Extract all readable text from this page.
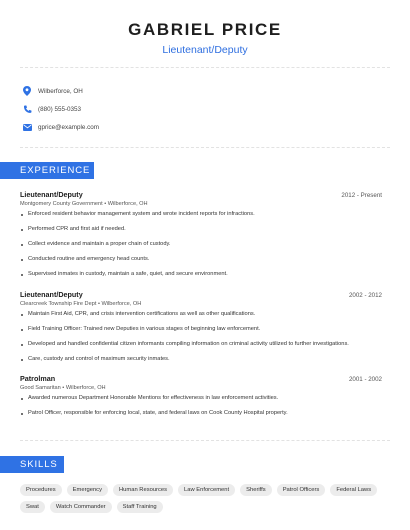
GABRIEL PRICE
Lieutenant/Deputy
Wilberforce, OH
(880) 555-0353
gprice@example.com
EXPERIENCE
Lieutenant/Deputy	2012 - Present
Montgomery County Government • Wilberforce, OH
Enforced resident behavior management system and wrote incident reports for infractions.
Performed CPR and first aid if needed.
Collect evidence and maintain a proper chain of custody.
Conducted routine and emergency head counts.
Supervised inmates in custody, maintain a safe, quiet, and secure environment.
Lieutenant/Deputy	2002 - 2012
Clearcreek Township Fire Dept • Wilberforce, OH
Maintain First Aid, CPR, and crisis intervention certifications as well as other qualifications.
Field Training Officer: Trained new Deputies in various stages of beginning law enforcement.
Developed and handled confidential citizen informants compiling information on criminal activity utilized to further investigations.
Care, custody and control of maximum security inmates.
Patrolman	2001 - 2002
Good Samaritan • Wilberforce, OH
Awarded numerous Department Honorable Mentions for effectiveness in law enforcement activities.
Patrol Officer, responsible for enforcing local, state, and federal laws on Cook County Hospital property.
SKILLS
Procedures	Emergency	Human Resources	Law Enforcement	Sheriffs	Patrol Officers	Federal Laws
Swat	Watch Commander	Staff Training
